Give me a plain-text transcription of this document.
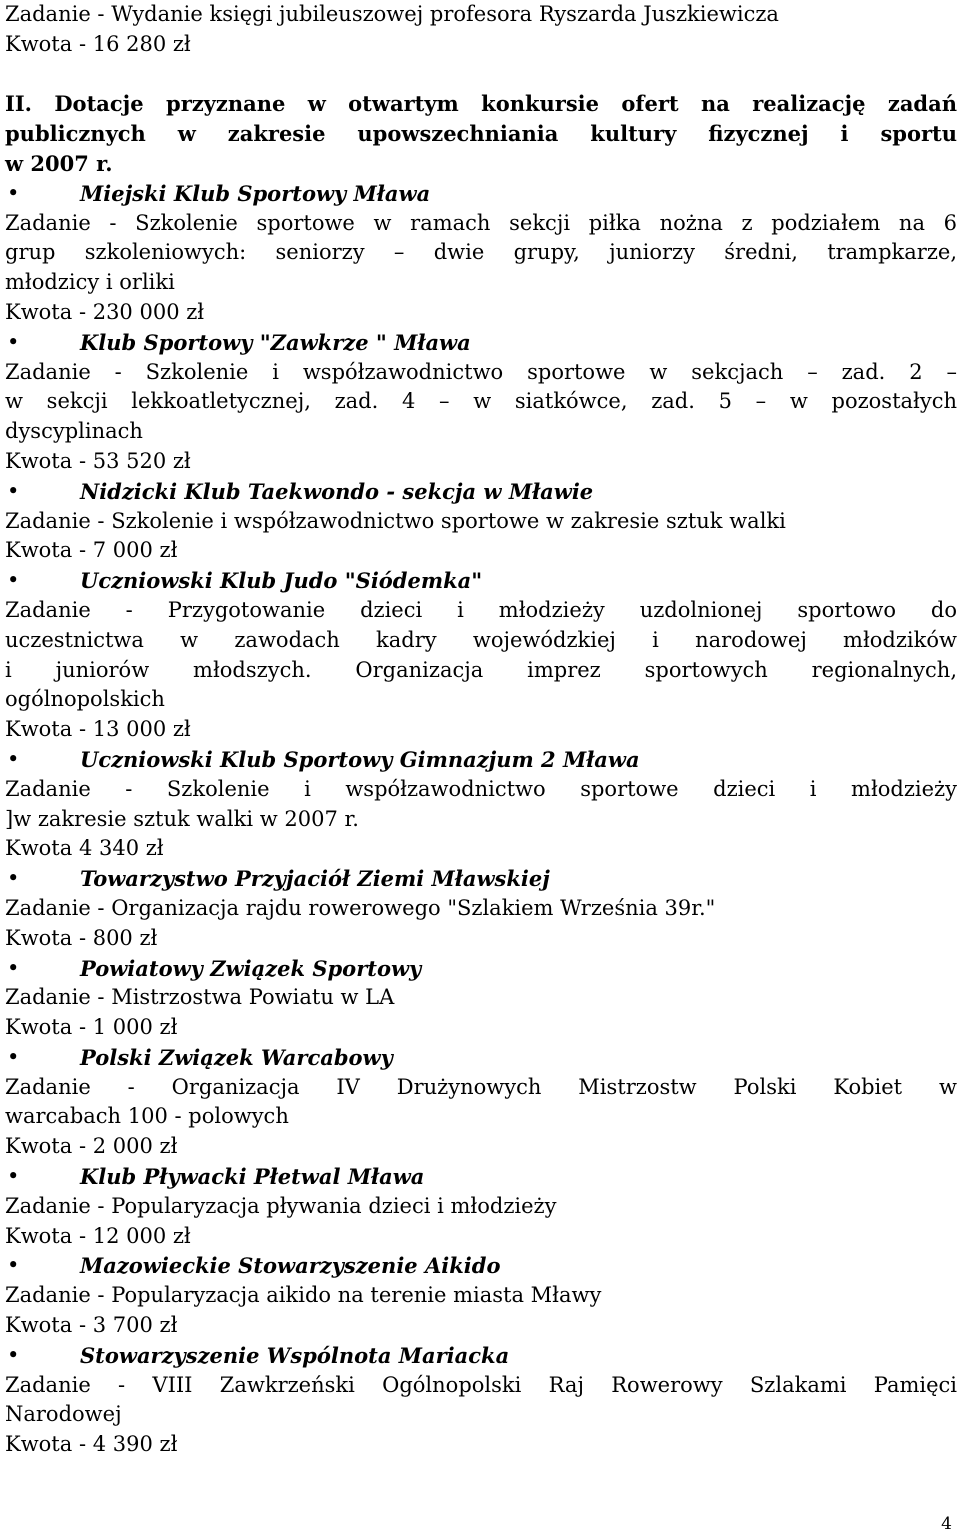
Zadanie - Wydanie księgi jubileuszowej profesora Ryszarda Juszkiewicza
Kwota - 16 280 zł
II. Dotacje przyznane w otwartym konkursie ofert na realizację zadań
publicznych w zakresie upowszechniania kultury fizycznej i sportu
w 2007 r.
•	Miejski Klub Sportowy Mława
Zadanie - Szkolenie sportowe w ramach sekcji piłka nożna z podziałem na 6
grup szkoleniowych: seniorzy – dwie grupy, juniorzy średni, trampkarze,
młodzicy i orliki
Kwota - 230 000 zł
•	Klub Sportowy "Zawkrze " Mława
Zadanie - Szkolenie i współzawodnictwo sportowe w sekcjach – zad. 2 –
w sekcji lekkoatletycznej, zad. 4 – w siatkówce, zad. 5 – w pozostałych
dyscyplinach
Kwota - 53 520 zł
•	Nidzicki Klub Taekwondo - sekcja w Mławie
Zadanie - Szkolenie i współzawodnictwo sportowe w zakresie sztuk walki
Kwota - 7 000 zł
•	Uczniowski Klub Judo "Siódemka"
Zadanie - Przygotowanie dzieci i młodzieży uzdolnionej sportowo do
uczestnictwa w zawodach kadry wojewódzkiej i narodowej młodzików
i juniorów młodszych. Organizacja imprez sportowych regionalnych,
ogólnopolskich
Kwota - 13 000 zł
•	Uczniowski Klub Sportowy Gimnazjum 2 Mława
Zadanie - Szkolenie i współzawodnictwo sportowe dzieci i młodzieży
]w zakresie sztuk walki w 2007 r.
Kwota 4 340 zł
•	Towarzystwo Przyjaciół Ziemi Mławskiej
Zadanie - Organizacja rajdu rowerowego "Szlakiem Września 39r."
Kwota - 800 zł
•	Powiatowy Związek Sportowy
Zadanie - Mistrzostwa Powiatu w LA
Kwota - 1 000 zł
•	Polski Związek Warcabowy
Zadanie - Organizacja IV Drużynowych Mistrzostw Polski Kobiet w
warcabach 100 - polowych
Kwota - 2 000 zł
•	Klub Pływacki Płetwal Mława
Zadanie - Popularyzacja pływania dzieci i młodzieży
Kwota - 12 000 zł
•	Mazowieckie Stowarzyszenie Aikido
Zadanie - Popularyzacja aikido na terenie miasta Mławy
Kwota - 3 700 zł
•	Stowarzyszenie Wspólnota Mariacka
Zadanie - VIII Zawkrzeński Ogólnopolski Raj Rowerowy Szlakami Pamięci
Narodowej
Kwota - 4 390 zł
4
